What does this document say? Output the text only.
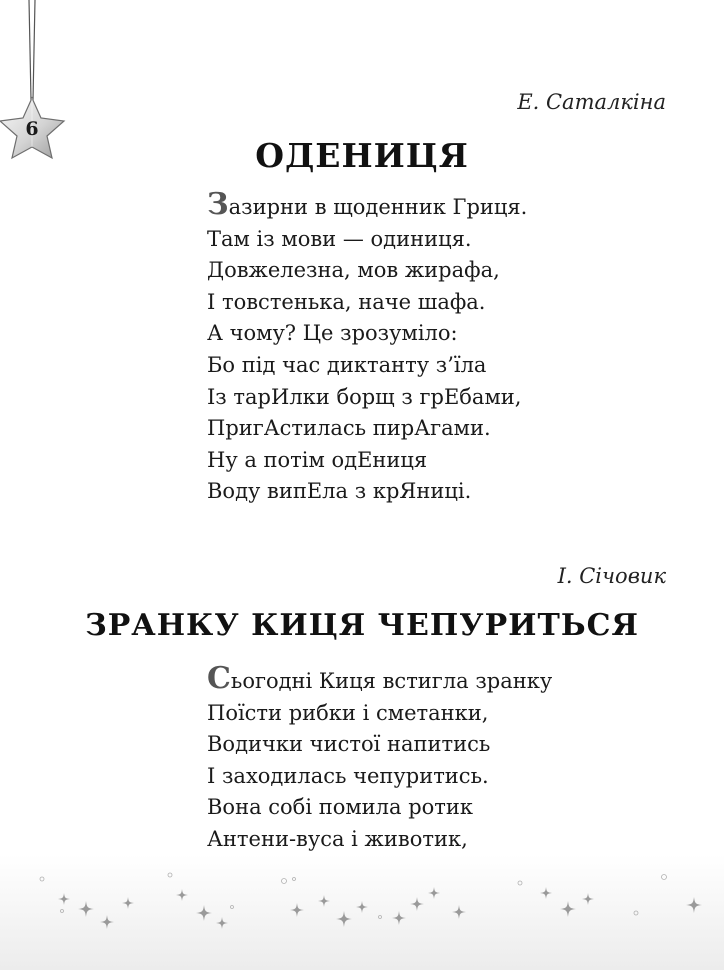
6
Е. Саталкіна
ОДЕНИЦЯ
Зазирни в щоденник Гриця.
Там із мови — одиниця.
Довжелезна, мов жирафа,
І товстенька, наче шафа.
А чому? Це зрозуміло:
Бо під час диктанту з’їла
Із тарИлки борщ з грЕбами,
ПригАстилась пирАгами.
Ну а потім одЕниця
Воду випЕла з крЯниці.
І. Січовик
ЗРАНКУ КИЦЯ ЧЕПУРИТЬСЯ
Сьогодні Киця встигла зранку
Поїсти рибки і сметанки,
Водички чистої напитись
І заходилась чепуритись.
Вона собі помила ротик
Антени-вуса і животик,
